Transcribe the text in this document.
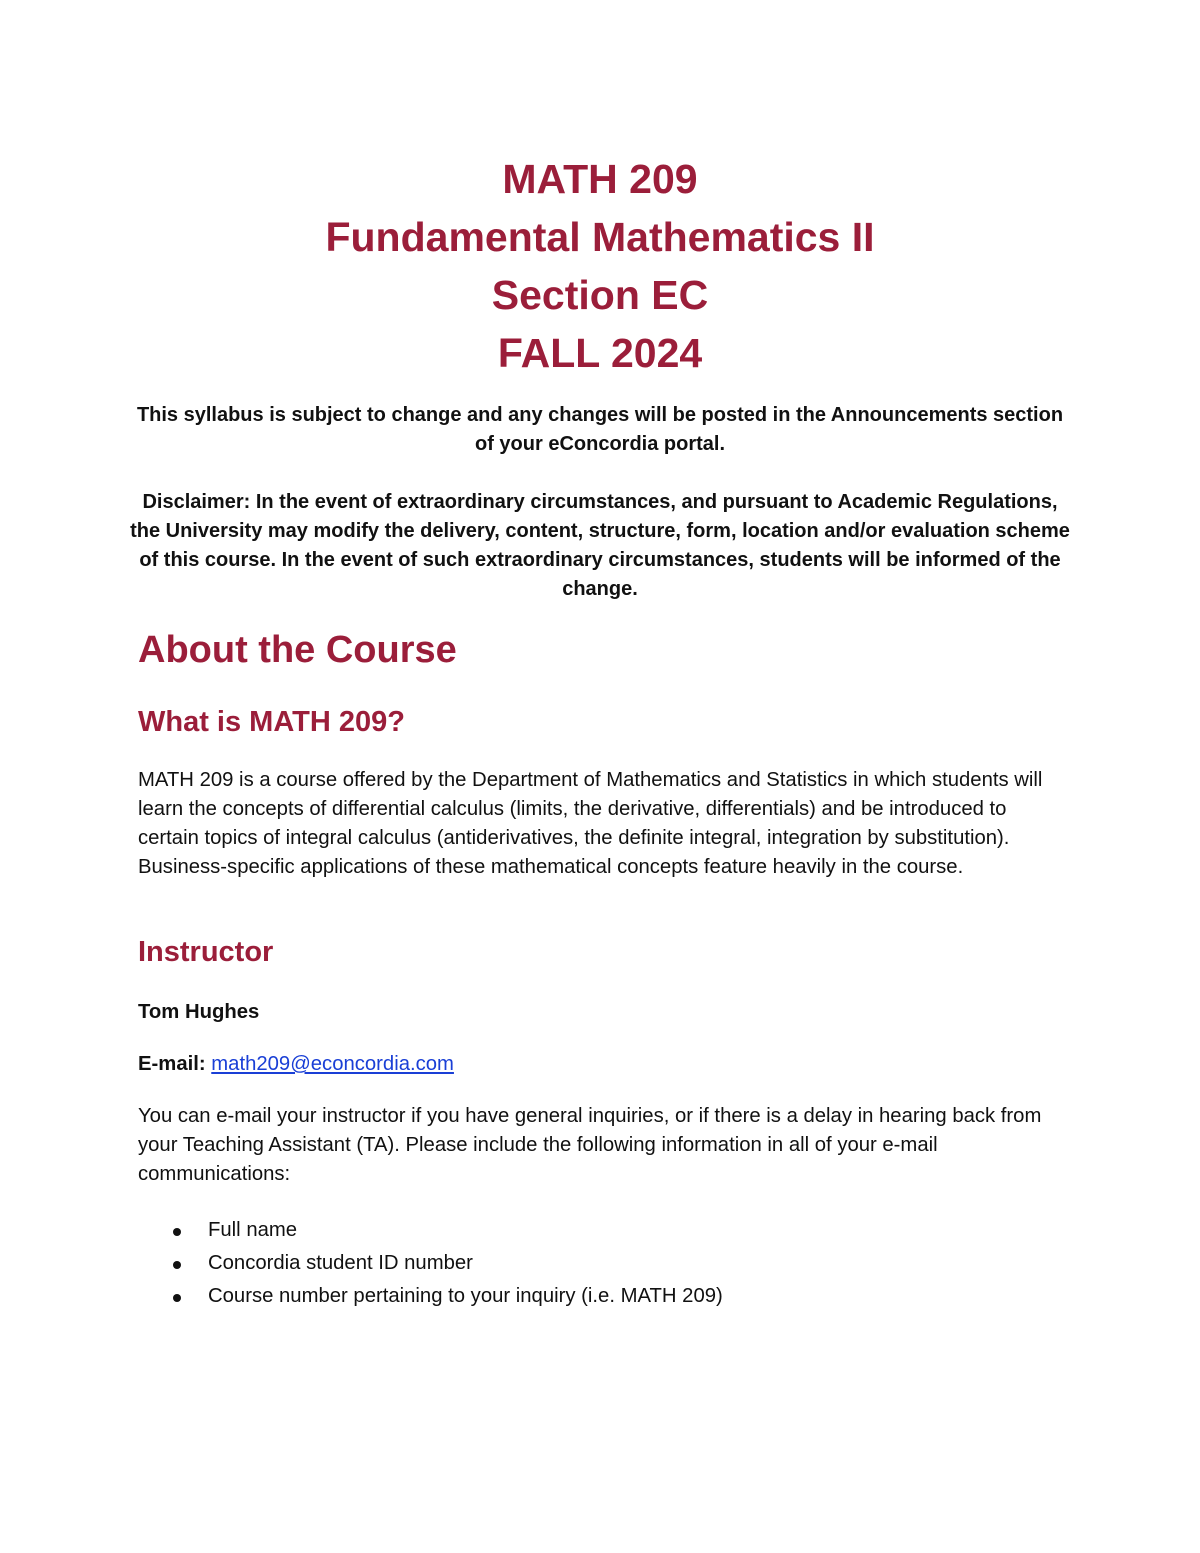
MATH 209
Fundamental Mathematics II
Section EC
FALL 2024
This syllabus is subject to change and any changes will be posted in the Announcements section of your eConcordia portal.
Disclaimer: In the event of extraordinary circumstances, and pursuant to Academic Regulations, the University may modify the delivery, content, structure, form, location and/or evaluation scheme of this course. In the event of such extraordinary circumstances, students will be informed of the change.
About the Course
What is MATH 209?
MATH 209 is a course offered by the Department of Mathematics and Statistics in which students will learn the concepts of differential calculus (limits, the derivative, differentials) and be introduced to certain topics of integral calculus (antiderivatives, the definite integral, integration by substitution). Business-specific applications of these mathematical concepts feature heavily in the course.
Instructor
Tom Hughes
E-mail: math209@econcordia.com
You can e-mail your instructor if you have general inquiries, or if there is a delay in hearing back from your Teaching Assistant (TA). Please include the following information in all of your e-mail communications:
Full name
Concordia student ID number
Course number pertaining to your inquiry (i.e. MATH 209)
